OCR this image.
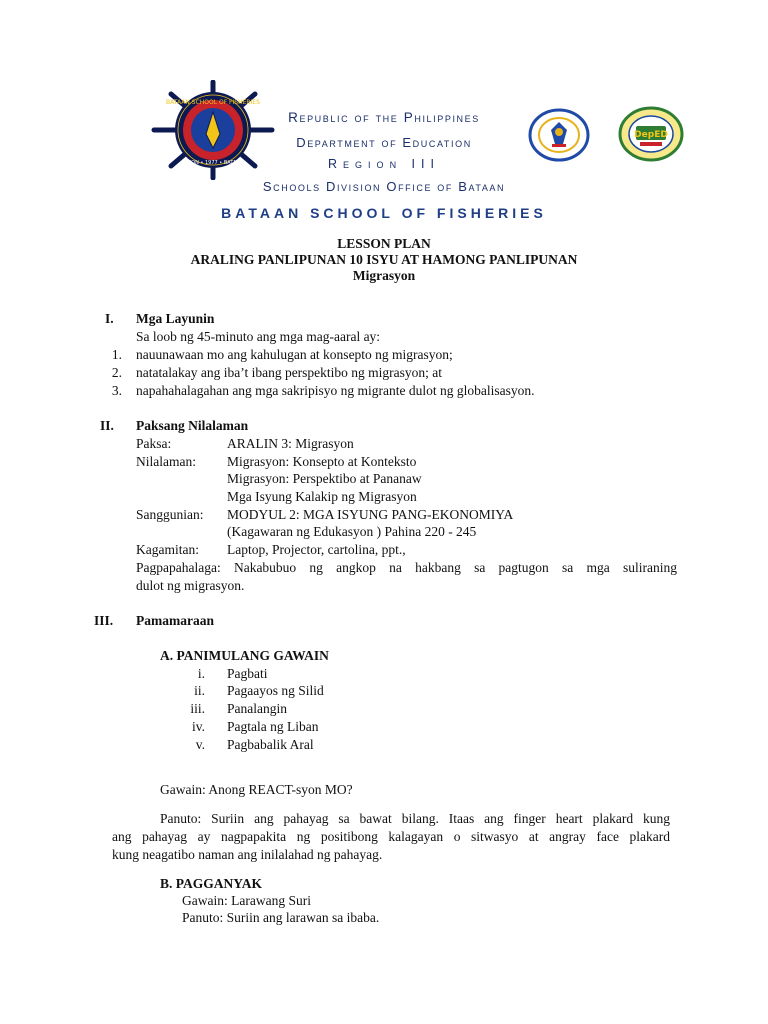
BATAAN SCHOOL OF FISHERIES
ORION • 1977 • BATAAN
DepED
Republic of the Philippines
Department of Education
Region III
Schools Division Office of Bataan
BATAAN SCHOOL OF FISHERIES
LESSON PLAN
ARALING PANLIPUNAN 10 ISYU AT HAMONG PANLIPUNAN
Migrasyon
I. Mga Layunin
Sa loob ng 45-minuto ang mga mag-aaral ay:
1. nauunawaan mo ang kahulugan at konsepto ng migrasyon;
2. natatalakay ang iba’t ibang perspektibo ng migrasyon; at
3. napahahalagahan ang mga sakripisyo ng migrante dulot ng globalisasyon.
II. Paksang Nilalaman
Paksa:	ARALIN 3: Migrasyon
Nilalaman: Migrasyon: Konsepto at Konteksto
Migrasyon: Perspektibo at Pananaw
Mga Isyung Kalakip ng Migrasyon
Sanggunian: MODYUL 2: MGA ISYUNG PANG-EKONOMIYA
(Kagawaran ng Edukasyon ) Pahina 220 - 245
Kagamitan: Laptop, Projector, cartolina, ppt.,
Pagpapahalaga: Nakabubuo ng angkop na hakbang sa pagtugon sa mga suliraning
dulot ng migrasyon.
III. Pamamaraan
A. PANIMULANG GAWAIN
i. Pagbati
ii. Pagaayos ng Silid
iii. Panalangin
iv. Pagtala ng Liban
v. Pagbabalik Aral
Gawain: Anong REACT-syon MO?
Panuto: Suriin ang pahayag sa bawat bilang. Itaas ang finger heart plakard kung
ang pahayag ay nagpapakita ng positibong kalagayan o sitwasyo at angray face plakard
kung neagatibo naman ang inilalahad ng pahayag.
B. PAGGANYAK
Gawain: Larawang Suri
Panuto: Suriin ang larawan sa ibaba.
